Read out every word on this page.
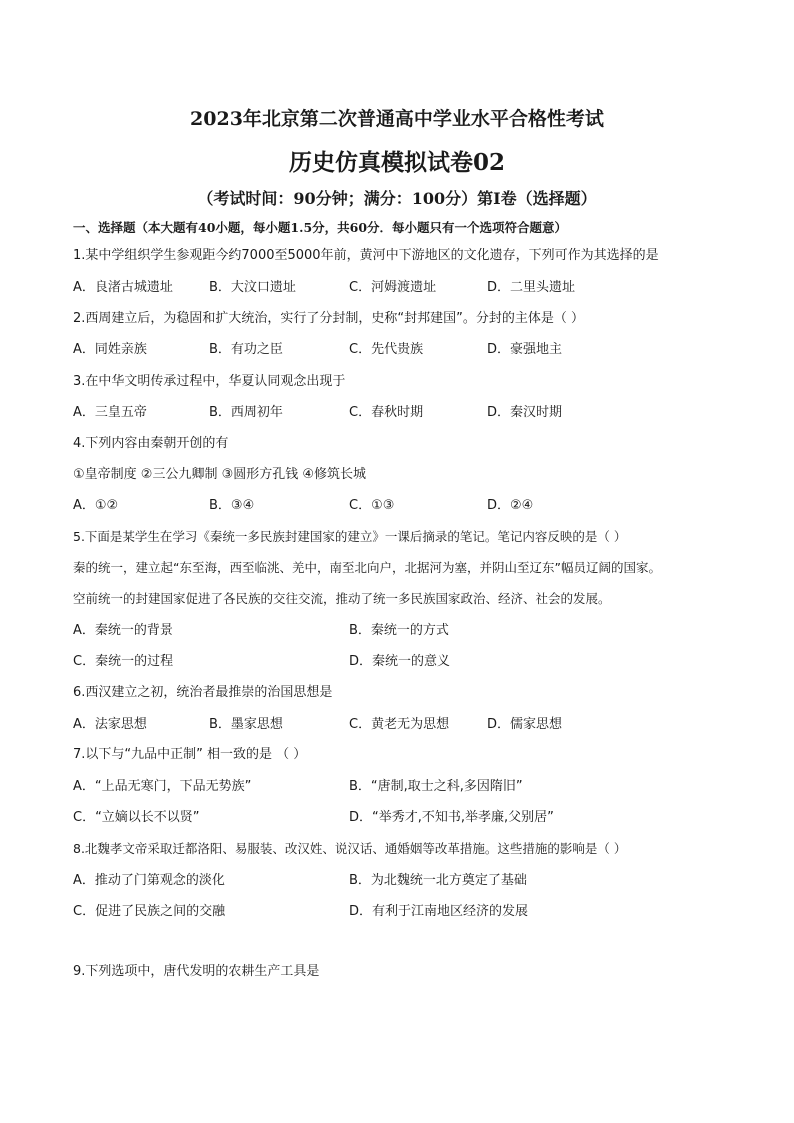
2023年北京第二次普通高中学业水平合格性考试
历史仿真模拟试卷02
（考试时间：90分钟；满分：100分）第Ⅰ卷（选择题）
一、选择题（本大题有40小题，每小题1.5分，共60分．每小题只有一个选项符合题意）
1.某中学组织学生参观距今约7000至5000年前，黄河中下游地区的文化遗存，下列可作为其选择的是
A．良渚古城遗址	B．大汶口遗址	C．河姆渡遗址	D．二里头遗址
2.西周建立后，为稳固和扩大统治，实行了分封制，史称“封邦建国”。分封的主体是（ ）
A．同姓亲族	B．有功之臣	C．先代贵族	D．豪强地主
3.在中华文明传承过程中，华夏认同观念出现于
A．三皇五帝	B．西周初年	C．春秋时期	D．秦汉时期
4.下列内容由秦朝开创的有
①皇帝制度 ②三公九卿制 ③圆形方孔钱 ④修筑长城
A．①②	B．③④	C．①③	D．②④
5.下面是某学生在学习《秦统一多民族封建国家的建立》一课后摘录的笔记。笔记内容反映的是（ ）
秦的统一，建立起“东至海，西至临洮、羌中，南至北向户，北据河为塞，并阴山至辽东”幅员辽阔的国家。
空前统一的封建国家促进了各民族的交往交流，推动了统一多民族国家政治、经济、社会的发展。
A．秦统一的背景	B．秦统一的方式
C．秦统一的过程	D．秦统一的意义
6.西汉建立之初，统治者最推崇的治国思想是
A．法家思想	B．墨家思想	C．黄老无为思想	D．儒家思想
7.以下与“九品中正制” 相一致的是 （ ）
A．“上品无寒门，下品无势族”	B．“唐制,取士之科,多因隋旧”
C．“立嫡以长不以贤”	D．“举秀才,不知书,举孝廉,父别居”
8.北魏孝文帝采取迁都洛阳、易服装、改汉姓、说汉话、通婚姻等改革措施。这些措施的影响是（ ）
A．推动了门第观念的淡化	B．为北魏统一北方奠定了基础
C．促进了民族之间的交融	D．有利于江南地区经济的发展
9.下列选项中，唐代发明的农耕生产工具是
